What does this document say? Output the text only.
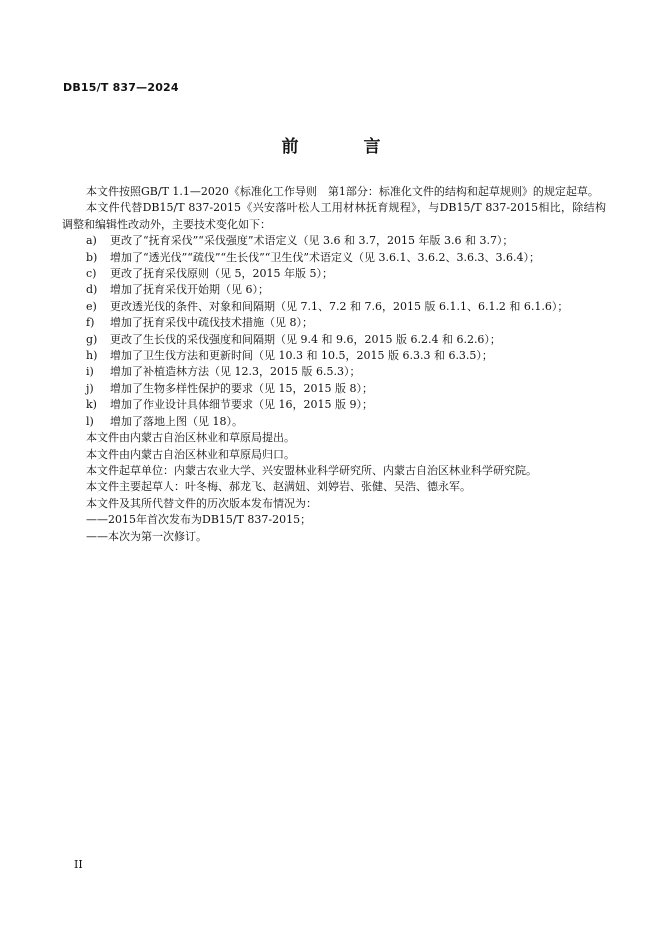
DB15/T 837—2024
前　言

本文件按照GB/T 1.1—2020《标准化工作导则　第1部分：标准化文件的结构和起草规则》的规定起草。

本文件代替DB15/T 837-2015《兴安落叶松人工用材林抚育规程》，与DB15/T 837-2015相比，除结构调整和编辑性改动外，主要技术变化如下：

a)	更改了“抚育采伐”“采伐强度”术语定义（见 3.6 和 3.7，2015 年版 3.6 和 3.7）；
b)	增加了“透光伐”“疏伐”“生长伐”“卫生伐”术语定义（见 3.6.1、3.6.2、3.6.3、3.6.4）；
c)	更改了抚育采伐原则（见 5，2015 年版 5）；
d)	增加了抚育采伐开始期（见 6）；
e)	更改透光伐的条件、对象和间隔期（见 7.1、7.2 和 7.6，2015 版 6.1.1、6.1.2 和 6.1.6）；
f)	增加了抚育采伐中疏伐技术措施（见 8）；
g)	更改了生长伐的采伐强度和间隔期（见 9.4 和 9.6，2015 版 6.2.4 和 6.2.6）；
h)	增加了卫生伐方法和更新时间（见 10.3 和 10.5，2015 版 6.3.3 和 6.3.5）；
i)	增加了补植造林方法（见 12.3，2015 版 6.5.3）；
j)	增加了生物多样性保护的要求（见 15，2015 版 8）；
k)	增加了作业设计具体细节要求（见 16，2015 版 9）；
l)	增加了落地上图（见 18）。

本文件由内蒙古自治区林业和草原局提出。

本文件由内蒙古自治区林业和草原局归口。

本文件起草单位：内蒙古农业大学、兴安盟林业科学研究所、内蒙古自治区林业科学研究院。

本文件主要起草人：叶冬梅、郝龙飞、赵满妞、刘婷岩、张健、吴浩、德永军。

本文件及其所代替文件的历次版本发布情况为：

——2015年首次发布为DB15/T 837-2015；
——本次为第一次修订。
II
